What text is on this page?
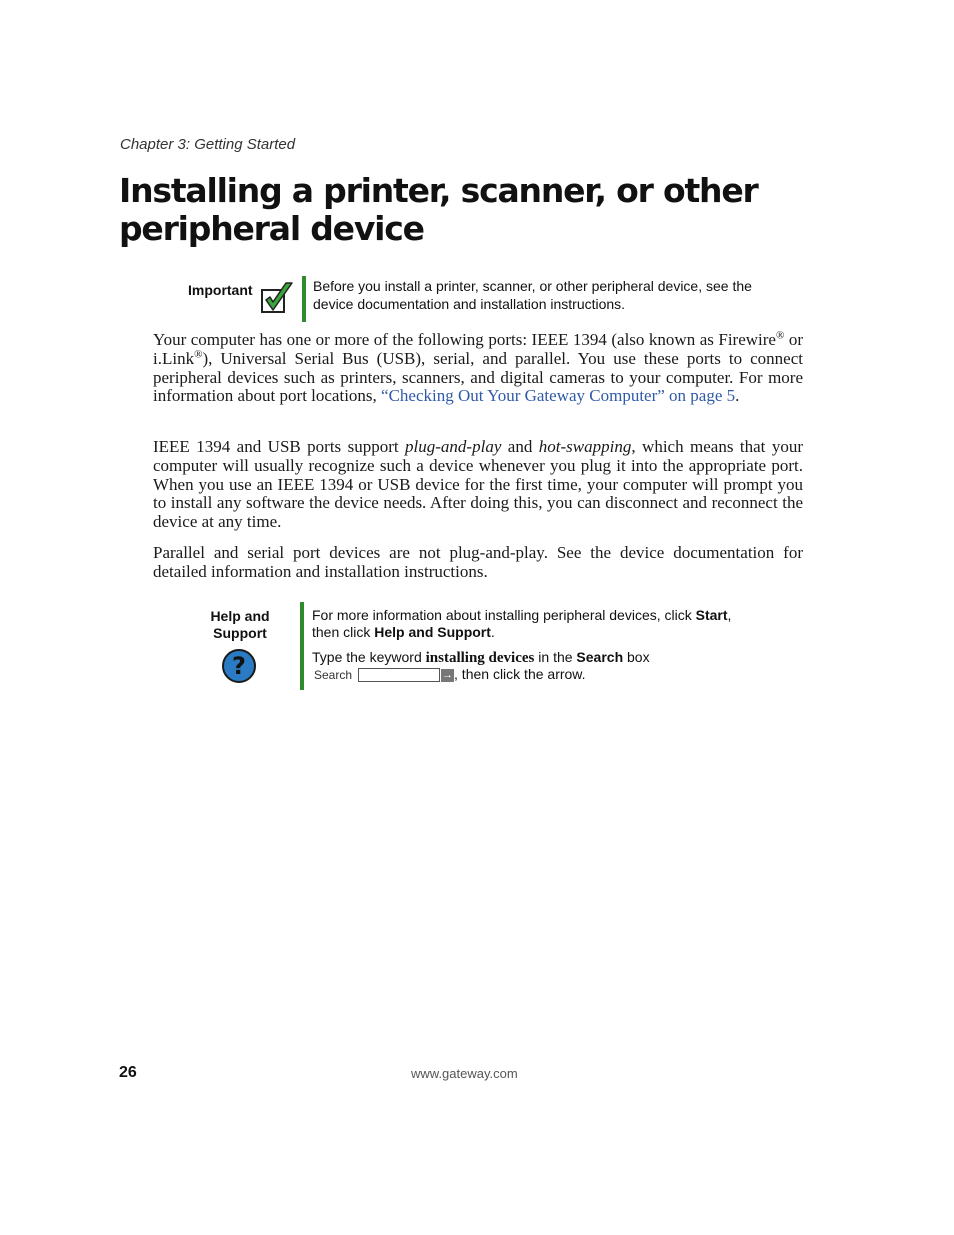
Chapter 3: Getting Started
Installing a printer, scanner, or other peripheral device
Important	Before you install a printer, scanner, or other peripheral device, see the device documentation and installation instructions.

Your computer has one or more of the following ports: IEEE 1394 (also known as Firewire® or i.Link®), Universal Serial Bus (USB), serial, and parallel. You use these ports to connect peripheral devices such as printers, scanners, and digital cameras to your computer. For more information about port locations, “Checking Out Your Gateway Computer” on page 5.

IEEE 1394 and USB ports support plug-and-play and hot-swapping, which means that your computer will usually recognize such a device whenever you plug it into the appropriate port. When you use an IEEE 1394 or USB device for the first time, your computer will prompt you to install any software the device needs. After doing this, you can disconnect and reconnect the device at any time.

Parallel and serial port devices are not plug-and-play. See the device documentation for detailed information and installation instructions.

Help and
Support
?
For more information about installing peripheral devices, click Start,
then click Help and Support.
Type the keyword installing devices in the Search box
Search	→, then click the arrow.
26	www.gateway.com
